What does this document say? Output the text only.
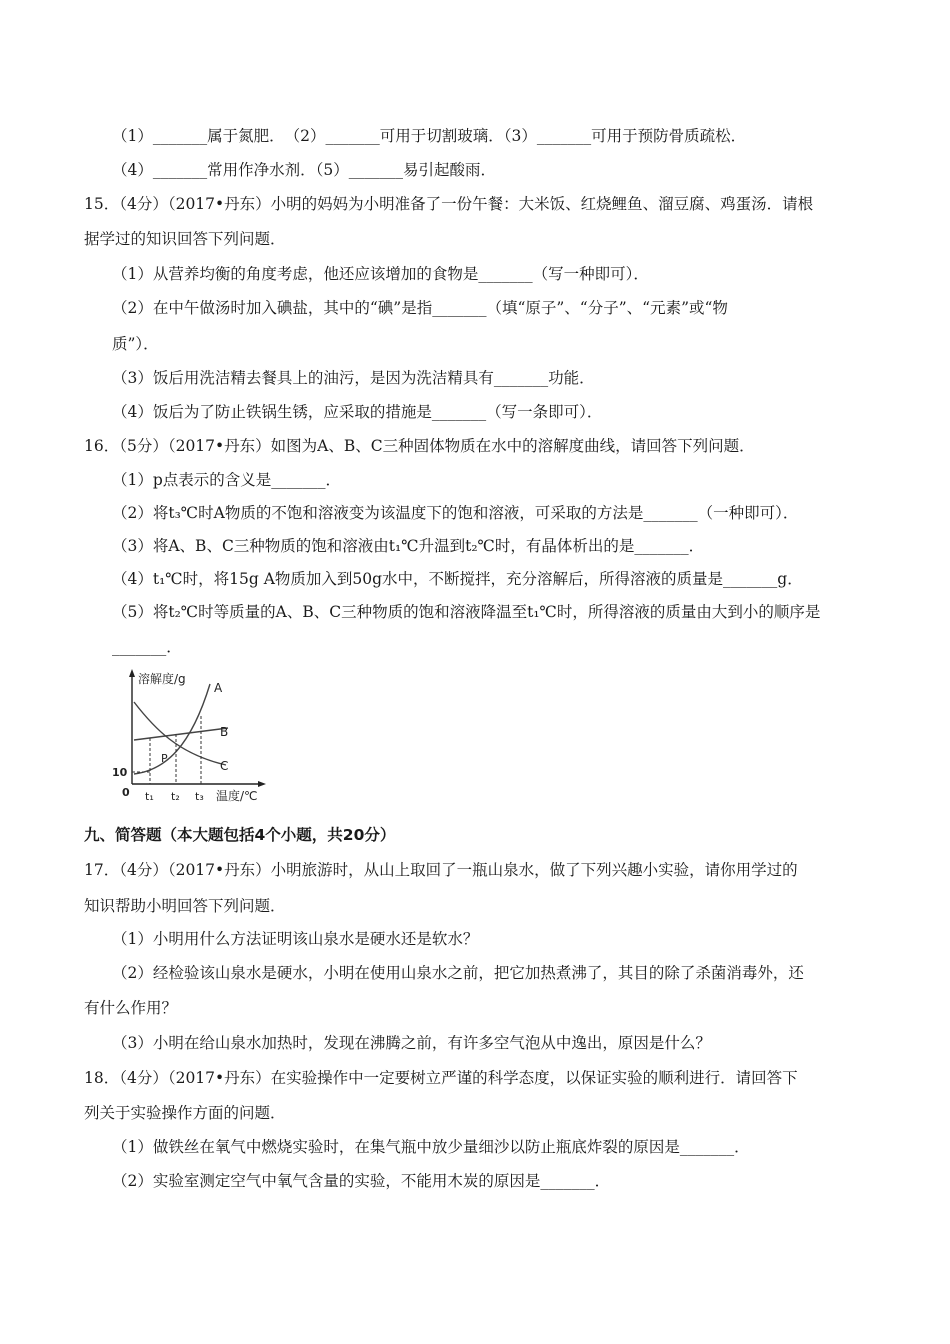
（1）_______属于氮肥．　（2）_______可用于切割玻璃．（3）_______可用于预防骨质疏松．
（4）_______常用作净水剂．（5）_______易引起酸雨．
15．（4分）（2017•丹东）小明的妈妈为小明准备了一份午餐：大米饭、红烧鲤鱼、溜豆腐、鸡蛋汤．请根
据学过的知识回答下列问题．
（1）从营养均衡的角度考虑，他还应该增加的食物是_______（写一种即可）．
（2）在中午做汤时加入碘盐，其中的“碘”是指_______（填“原子”、“分子”、“元素”或“物
质”）．
（3）饭后用洗洁精去餐具上的油污，是因为洗洁精具有_______功能．
（4）饭后为了防止铁锅生锈，应采取的措施是_______（写一条即可）．
16．（5分）（2017•丹东）如图为A、B、C三种固体物质在水中的溶解度曲线，请回答下列问题．
（1）p点表示的含义是_______．
（2）将t₃℃时A物质的不饱和溶液变为该温度下的饱和溶液，可采取的方法是_______（一种即可）．
（3）将A、B、C三种物质的饱和溶液由t₁℃升温到t₂℃时，有晶体析出的是_______．
（4）t₁℃时，将15g A物质加入到50g水中，不断搅拌，充分溶解后，所得溶液的质量是_______g．
（5）将t₂℃时等质量的A、B、C三种物质的饱和溶液降温至t₁℃时，所得溶液的质量由大到小的顺序是
_______．
溶解度/g
A
B
C
P
10
0 t₁ t₂ t₃ 温度/℃
九、简答题（本大题包括4个小题，共20分）
17．（4分）（2017•丹东）小明旅游时，从山上取回了一瓶山泉水，做了下列兴趣小实验，请你用学过的
知识帮助小明回答下列问题．
（1）小明用什么方法证明该山泉水是硬水还是软水？
（2）经检验该山泉水是硬水，小明在使用山泉水之前，把它加热煮沸了，其目的除了杀菌消毒外，还
有什么作用？
（3）小明在给山泉水加热时，发现在沸腾之前，有许多空气泡从中逸出，原因是什么？
18．（4分）（2017•丹东）在实验操作中一定要树立严谨的科学态度，以保证实验的顺利进行．请回答下
列关于实验操作方面的问题．
（1）做铁丝在氧气中燃烧实验时，在集气瓶中放少量细沙以防止瓶底炸裂的原因是_______．
（2）实验室测定空气中氧气含量的实验，不能用木炭的原因是_______．
